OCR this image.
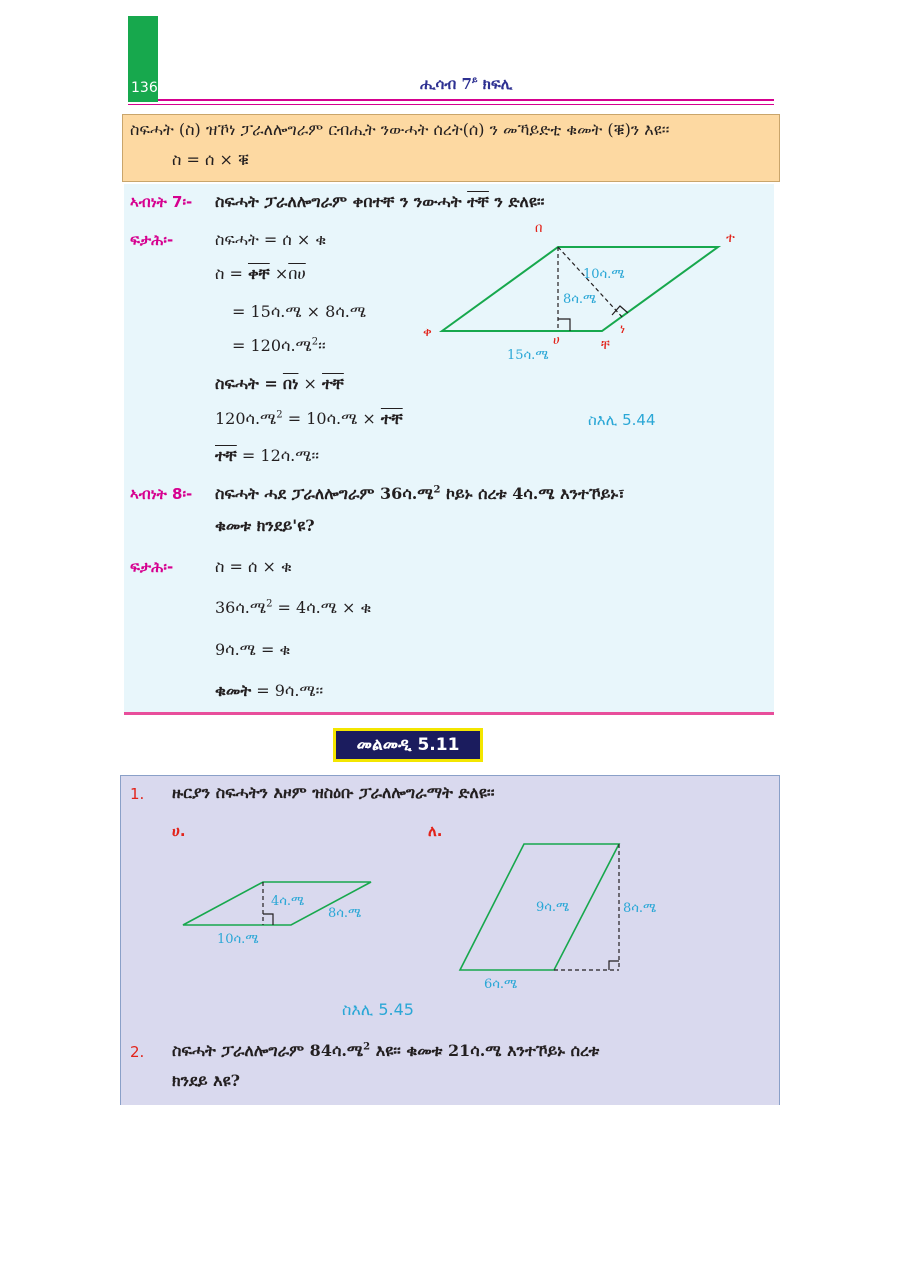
136	ሒሳብ $7^ይ$ ክፍሊ
ስፍሓት (ስ) ዝኾነ ፓራለሎግራም ርብሒት ንውሓት ሰረት(ሰ) ን መኻይድቲ ቁመት (ቑ)ን እዩ፡፡
ስ = ሰ × ቑ
ኣብነት 7፡- ስፍሓት ፓራለሎግራም ቀበተቸ ን ንውሓት ተቸ ን ድለዩ፡፡
ፍታሕ፡-	ስፍሓት = ሰ × ቁ
ስ = ቀቸ ×በሀ
= 15ሳ.ሜ × 8ሳ.ሜ
= 120ሳ.ሜ$^2$፡፡
ስፍሓት = በነ × ተቸ
120ሳ.ሜ$^2$ = 10ሳ.ሜ × ተቸ
ተቸ = 12ሳ.ሜ፡፡
ስእሊ 5.44
በ
ተ
ቀ
ሀ	ቸ
ነ
10ሳ.ሜ
8ሳ.ሜ
15ሳ.ሜ
ኣብነት 8፡- ስፍሓት ሓደ ፓራለሎግራም 36ሳ.ሜ$^2$ ኮይኑ ሰረቱ 4ሳ.ሜ እንተኾይኑ፣
ቁመቱ ክንደይ'ዩ?
ፍታሕ፡-	ስ = ሰ × ቁ
36ሳ.ሜ$^2$ = 4ሳ.ሜ × ቁ
9ሳ.ሜ = ቁ
ቁመት = 9ሳ.ሜ፡፡
መልመዲ 5.11
1. ዙርያን ስፍሓትን እዞም ዝስዕቡ ፓራለሎግራማት ድለዩ፡፡
ሀ.	ለ.
4ሳ.ሜ
8ሳ.ሜ
10ሳ.ሜ
9ሳ.ሜ	8ሳ.ሜ
6ሳ.ሜ
ስእሊ 5.45
2. ስፍሓት ፓራለሎግራም 84ሳ.ሜ$^2$ እዩ፡፡ ቁመቱ 21ሳ.ሜ እንተኾይኑ ሰረቱ
ክንደይ እዩ?
